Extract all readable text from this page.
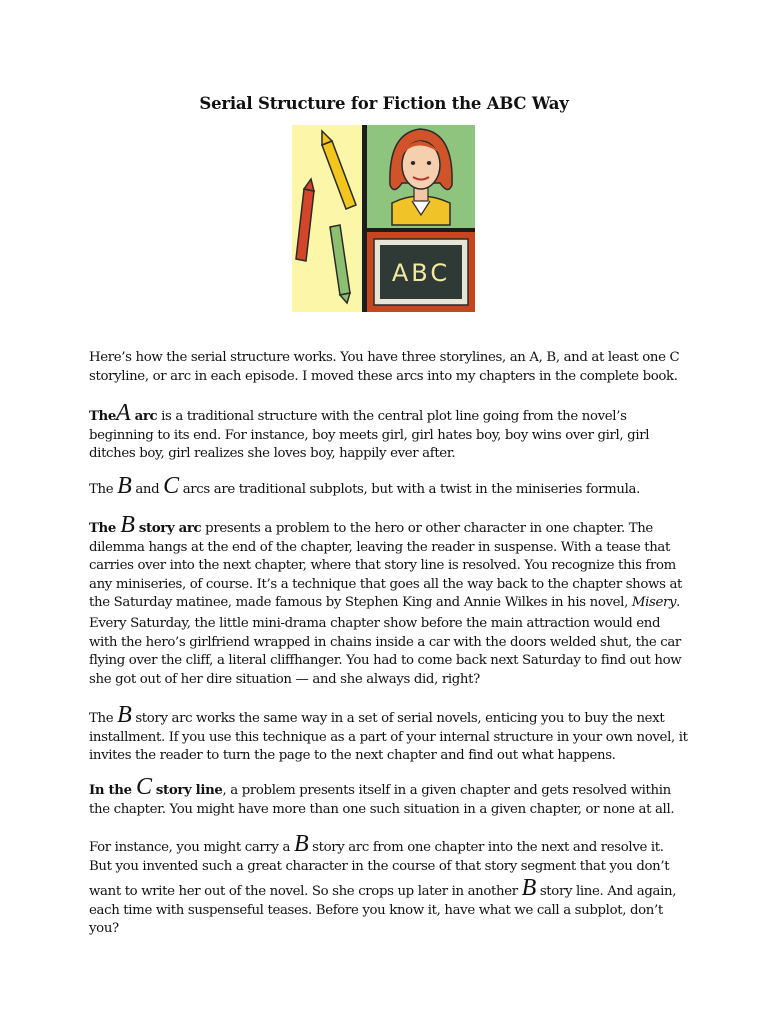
Serial Structure for Fiction the ABC Way
ABC
Here’s how the serial structure works. You have three storylines, an A, B, and at least one C storyline, or arc in each episode. I moved these arcs into my chapters in the complete book.
TheA arc is a traditional structure with the central plot line going from the novel’s beginning to its end. For instance, boy meets girl, girl hates boy, boy wins over girl, girl ditches boy, girl realizes she loves boy, happily ever after.
The B and C arcs are traditional subplots, but with a twist in the miniseries formula.
The B story arc presents a problem to the hero or other character in one chapter. The dilemma hangs at the end of the chapter, leaving the reader in suspense. With a tease that carries over into the next chapter, where that story line is resolved. You recognize this from any miniseries, of course. It’s a technique that goes all the way back to the chapter shows at the Saturday matinee, made famous by Stephen King and Annie Wilkes in his novel, Misery.
Every Saturday, the little mini-drama chapter show before the main attraction would end with the hero’s girlfriend wrapped in chains inside a car with the doors welded shut, the car flying over the cliff, a literal cliffhanger. You had to come back next Saturday to find out how she got out of her dire situation — and she always did, right?
The B story arc works the same way in a set of serial novels, enticing you to buy the next installment. If you use this technique as a part of your internal structure in your own novel, it invites the reader to turn the page to the next chapter and find out what happens.
In the C story line, a problem presents itself in a given chapter and gets resolved within the chapter. You might have more than one such situation in a given chapter, or none at all.
For instance, you might carry a B story arc from one chapter into the next and resolve it. But you invented such a great character in the course of that story segment that you don’t want to write her out of the novel. So she crops up later in another B story line. And again, each time with suspenseful teases. Before you know it, have what we call a subplot, don’t you?
